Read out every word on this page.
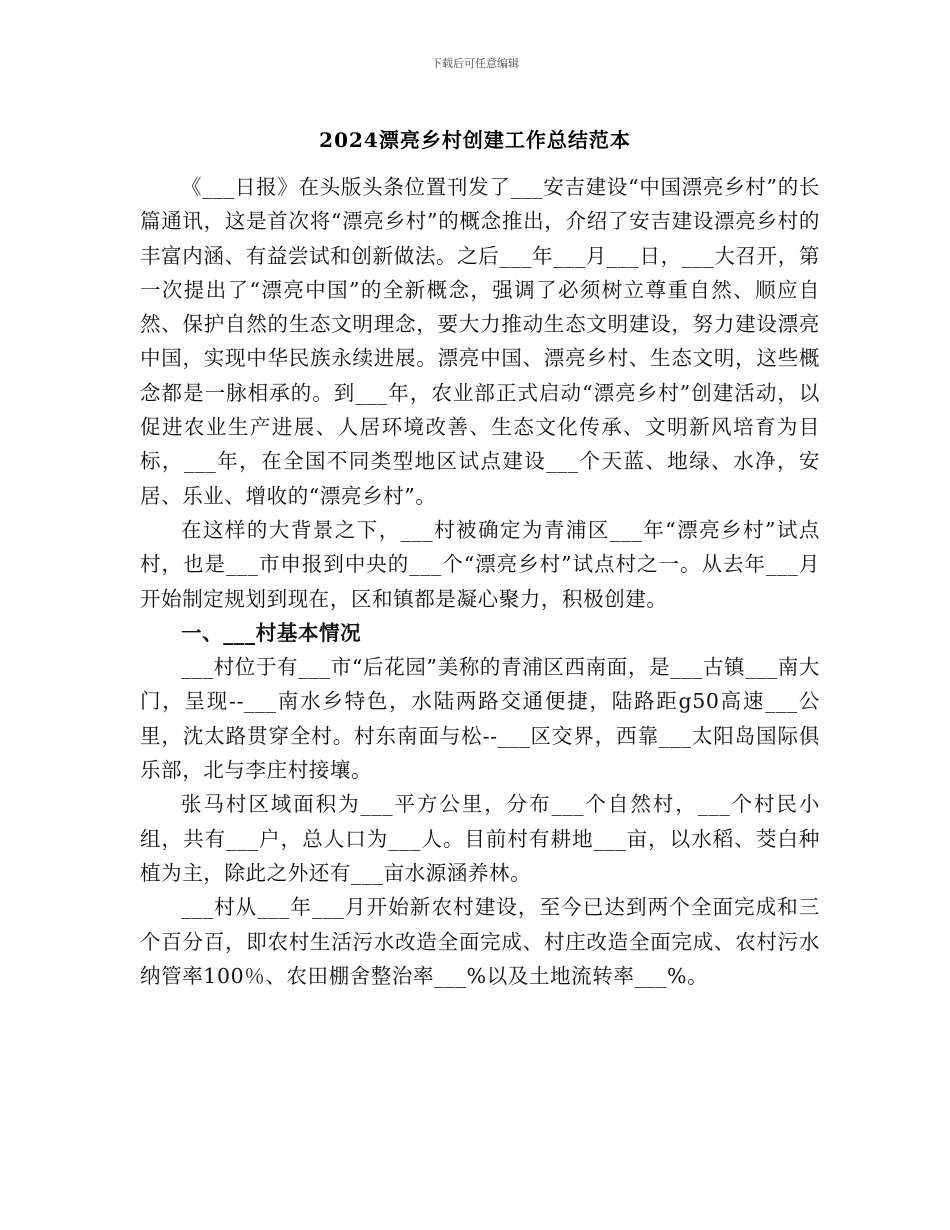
下载后可任意编辑
2024漂亮乡村创建工作总结范本

《___日报》在头版头条位置刊发了___安吉建设“中国漂亮乡村”的长篇通讯，这是首次将“漂亮乡村”的概念推出，介绍了安吉建设漂亮乡村的丰富内涵、有益尝试和创新做法。之后___年___月___日，___大召开，第一次提出了“漂亮中国”的全新概念，强调了必须树立尊重自然、顺应自然、保护自然的生态文明理念，要大力推动生态文明建设，努力建设漂亮中国，实现中华民族永续进展。漂亮中国、漂亮乡村、生态文明，这些概念都是一脉相承的。到___年，农业部正式启动“漂亮乡村”创建活动，以促进农业生产进展、人居环境改善、生态文化传承、文明新风培育为目标，___年，在全国不同类型地区试点建设___个天蓝、地绿、水净，安居、乐业、增收的“漂亮乡村”。

在这样的大背景之下，___村被确定为青浦区___年“漂亮乡村”试点村，也是___市申报到中央的___个“漂亮乡村”试点村之一。从去年___月开始制定规划到现在，区和镇都是凝心聚力，积极创建。

一、___村基本情况

___村位于有___市“后花园”美称的青浦区西南面，是___古镇___南大门，呈现--___南水乡特色，水陆两路交通便捷，陆路距g50高速___公里，沈太路贯穿全村。村东南面与松--___区交界，西靠___太阳岛国际俱乐部，北与李庄村接壤。

张马村区域面积为___平方公里，分布___个自然村，___个村民小组，共有___户，总人口为___人。目前村有耕地___亩，以水稻、茭白种植为主，除此之外还有___亩水源涵养林。

___村从___年___月开始新农村建设，至今已达到两个全面完成和三个百分百，即农村生活污水改造全面完成、村庄改造全面完成、农村污水纳管率100％、农田棚舍整治率___%以及土地流转率___%。
